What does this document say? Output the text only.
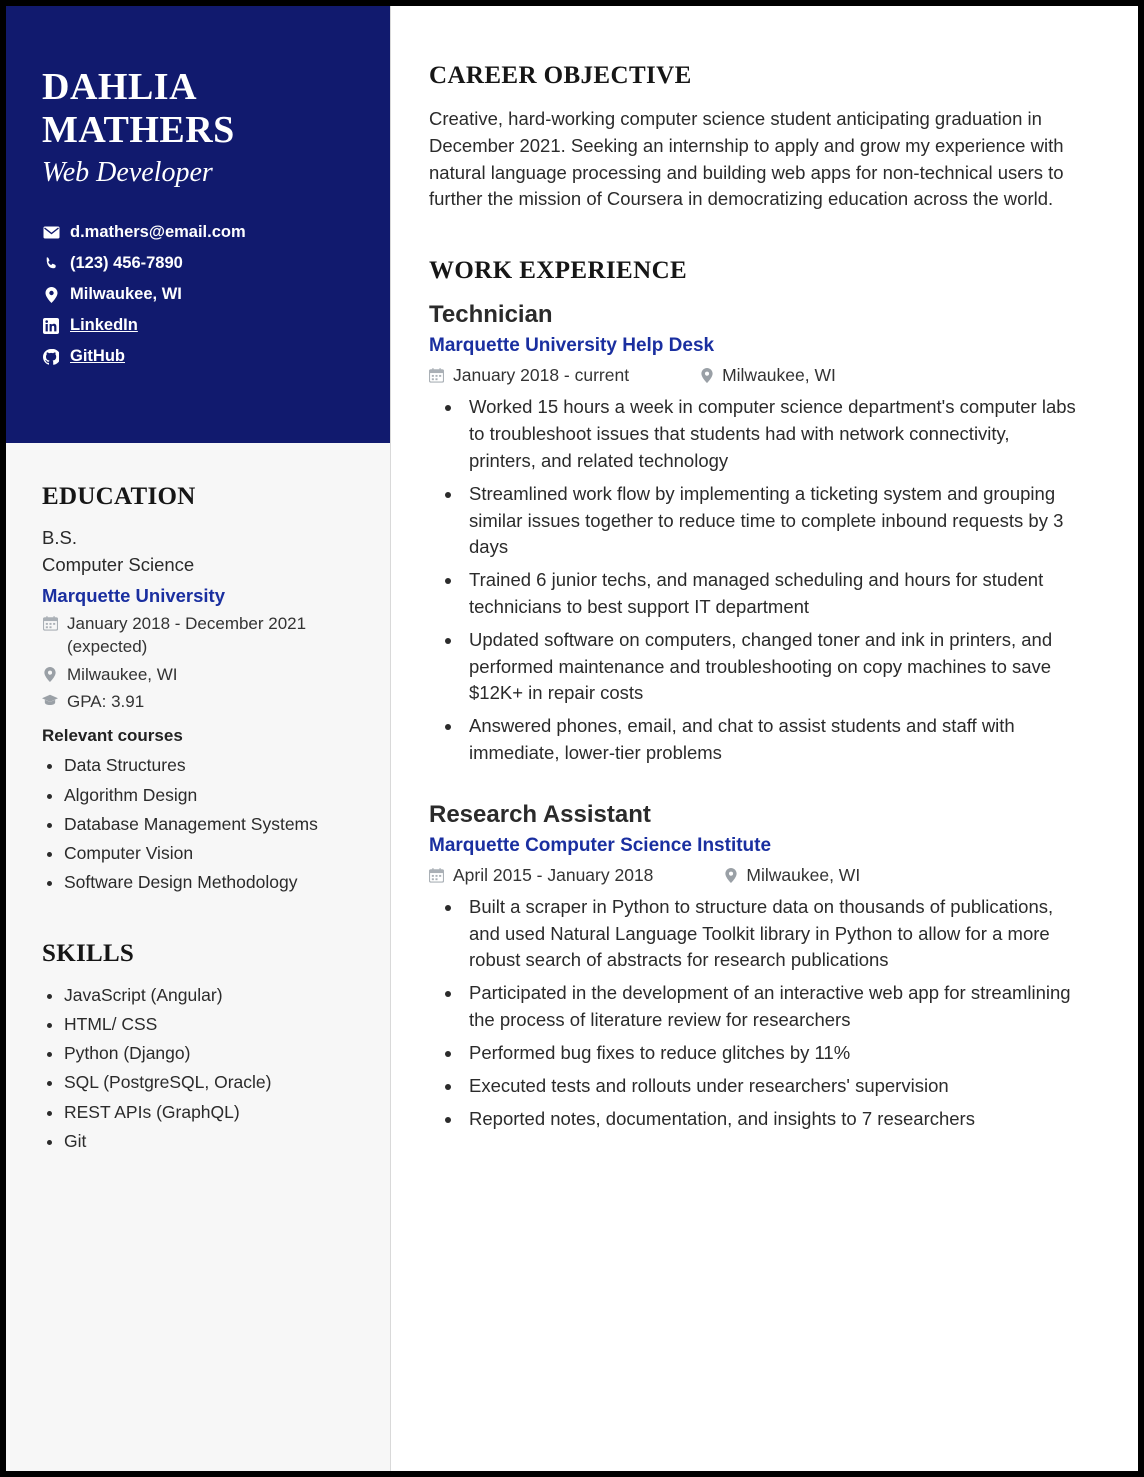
DAHLIA
MATHERS
Web Developer
d.mathers@email.com
(123) 456-7890
Milwaukee, WI
LinkedIn
GitHub
EDUCATION
B.S.
Computer Science
Marquette University
January 2018 - December 2021 (expected)
Milwaukee, WI
GPA: 3.91
Relevant courses
• Data Structures
• Algorithm Design
• Database Management Systems
• Computer Vision
• Software Design Methodology
SKILLS
• JavaScript (Angular)
• HTML/ CSS
• Python (Django)
• SQL (PostgreSQL, Oracle)
• REST APIs (GraphQL)
• Git
CAREER OBJECTIVE

Creative, hard-working computer science student anticipating graduation in December 2021. Seeking an internship to apply and grow my experience with natural language processing and building web apps for non-technical users to further the mission of Coursera in democratizing education across the world.

WORK EXPERIENCE
Technician
Marquette University Help Desk
January 2018 - current	Milwaukee, WI
• Worked 15 hours a week in computer science department's computer labs to troubleshoot issues that students had with network connectivity, printers, and related technology
• Streamlined work flow by implementing a ticketing system and grouping similar issues together to reduce time to complete inbound requests by 3 days
• Trained 6 junior techs, and managed scheduling and hours for student technicians to best support IT department
• Updated software on computers, changed toner and ink in printers, and performed maintenance and troubleshooting on copy machines to save $12K+ in repair costs
• Answered phones, email, and chat to assist students and staff with immediate, lower-tier problems
Research Assistant
Marquette Computer Science Institute
April 2015 - January 2018	Milwaukee, WI
• Built a scraper in Python to structure data on thousands of publications, and used Natural Language Toolkit library in Python to allow for a more robust search of abstracts for research publications
• Participated in the development of an interactive web app for streamlining the process of literature review for researchers
• Performed bug fixes to reduce glitches by 11%
• Executed tests and rollouts under researchers' supervision
• Reported notes, documentation, and insights to 7 researchers
